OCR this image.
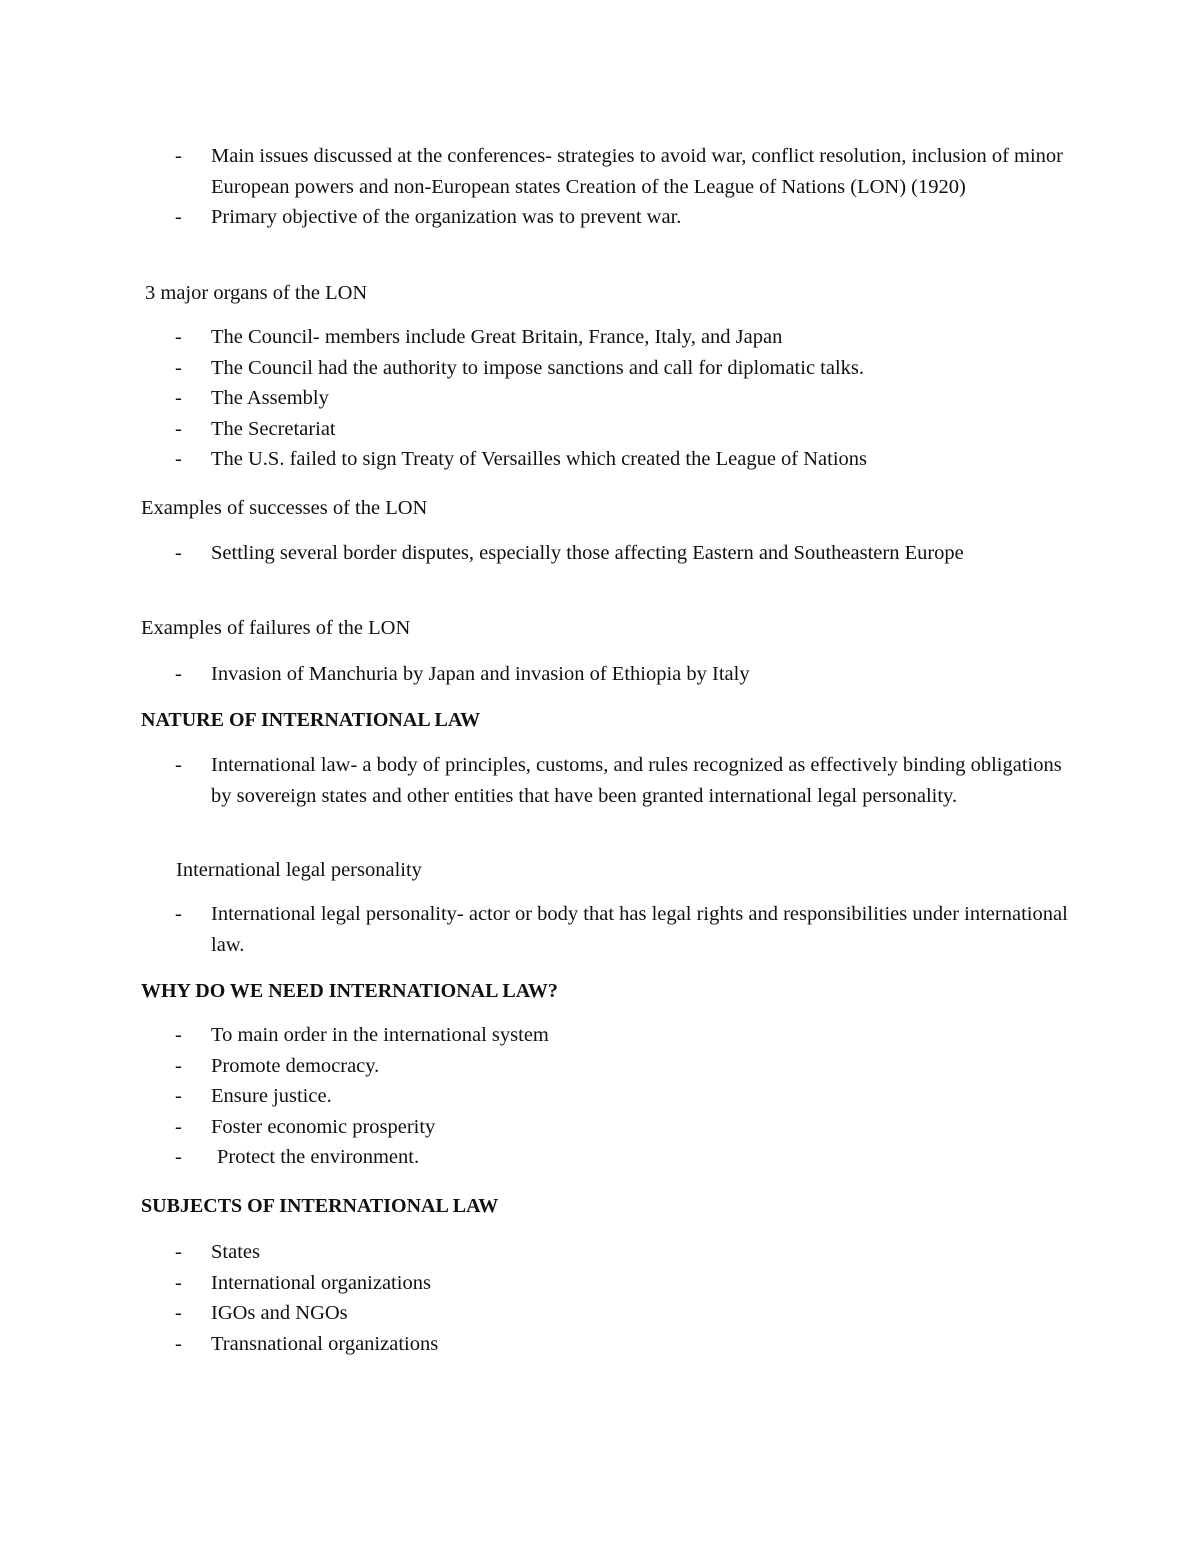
- Main issues discussed at the conferences- strategies to avoid war, conflict resolution, inclusion of minor European powers and non-European states Creation of the League of Nations (LON) (1920)
- Primary objective of the organization was to prevent war.
3 major organs of the LON
- The Council- members include Great Britain, France, Italy, and Japan
- The Council had the authority to impose sanctions and call for diplomatic talks.
- The Assembly
- The Secretariat
- The U.S. failed to sign Treaty of Versailles which created the League of Nations
Examples of successes of the LON
- Settling several border disputes, especially those affecting Eastern and Southeastern Europe
Examples of failures of the LON
- Invasion of Manchuria by Japan and invasion of Ethiopia by Italy
NATURE OF INTERNATIONAL LAW
- International law- a body of principles, customs, and rules recognized as effectively binding obligations by sovereign states and other entities that have been granted international legal personality.
International legal personality
- International legal personality- actor or body that has legal rights and responsibilities under international law.
WHY DO WE NEED INTERNATIONAL LAW?
- To main order in the international system
- Promote democracy.
- Ensure justice.
- Foster economic prosperity
- Protect the environment.
SUBJECTS OF INTERNATIONAL LAW
- States
- International organizations
- IGOs and NGOs
- Transnational organizations
